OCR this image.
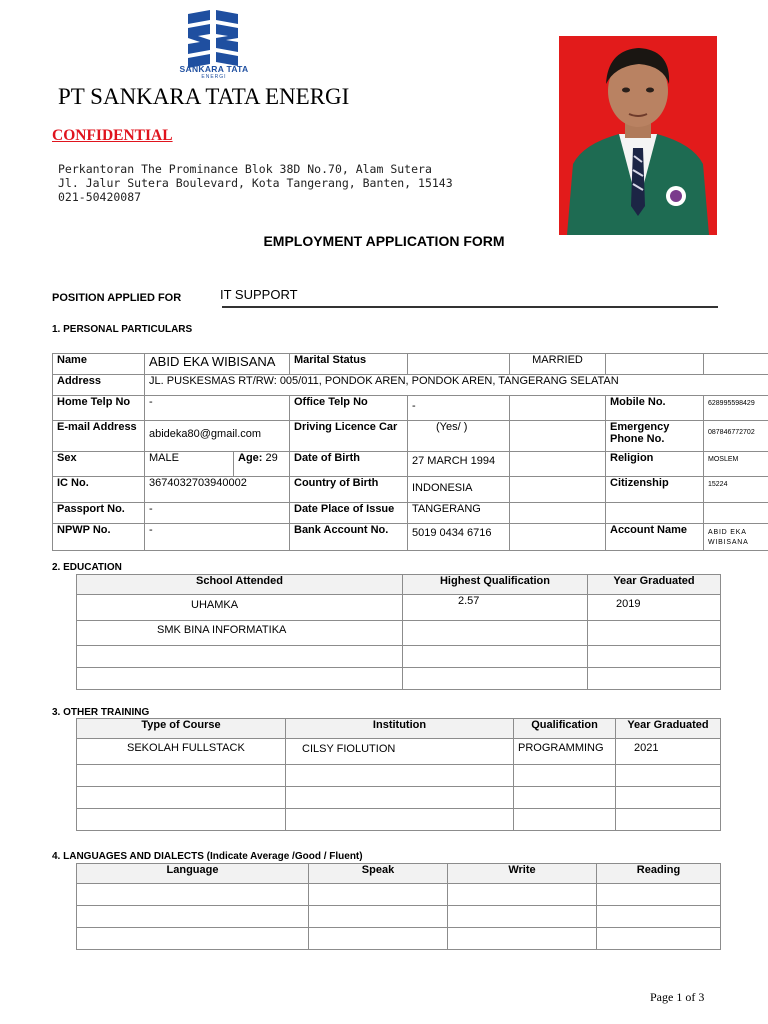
SANKARA TATA
ENERGI
PT SANKARA TATA ENERGI
CONFIDENTIAL
Perkantoran The Prominance Blok 38D No.70, Alam Sutera
Jl. Jalur Sutera Boulevard, Kota Tangerang, Banten, 15143
021-50420087
EMPLOYMENT APPLICATION FORM
POSITION APPLIED FOR	IT SUPPORT
1. PERSONAL PARTICULARS
Name	ABID EKA WIBISANA		Marital Status		MARRIED		
Address	JL. PUSKESMAS RT/RW: 005/011, PONDOK AREN, PONDOK AREN, TANGERANG SELATAN						
Home Telp No	-		Office Telp No	-		Mobile No.	628995598429
E-mail Address	abideka80@gmail.com		Driving Licence Car	(Yes/ )		Emergency Phone No.	087846772702
Sex	MALE	Age: 29	Date of Birth	27 MARCH 1994		Religion	MOSLEM
IC No.	3674032703940002		Country of Birth	INDONESIA		Citizenship	15224
Passport No.	-		Date Place of Issue	TANGERANG			
NPWP No.	-		Bank Account No.	5019 0434 6716		Account Name	ABID EKA WIBISANA
2. EDUCATION
School Attended	Highest Qualification	Year Graduated
UHAMKA	2.57	2019
SMK BINA INFORMATIKA		

3. OTHER TRAINING
Type of Course	Institution	Qualification	Year Graduated
SEKOLAH FULLSTACK	CILSY FIOLUTION	PROGRAMMING	2021

4. LANGUAGES AND DIALECTS (Indicate Average /Good / Fluent)
Language	Speak	Write	Reading

Page 1 of 3
